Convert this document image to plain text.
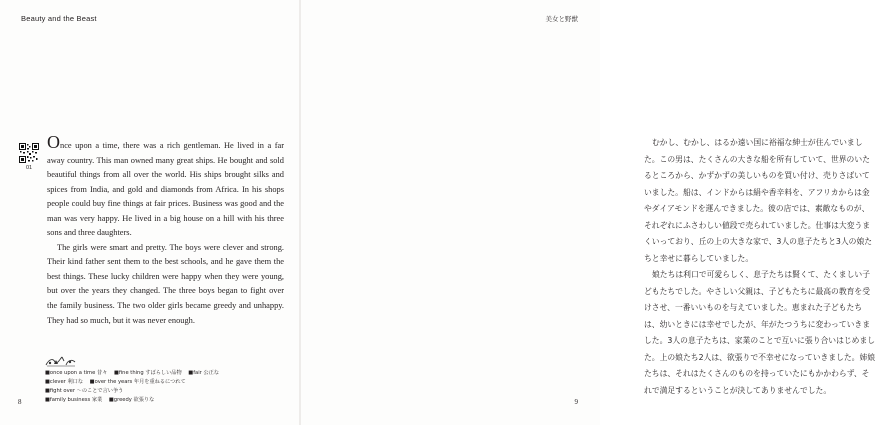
Beauty and the Beast
01

Once upon a time, there was a rich gentleman. He lived in a far away country. This man owned many great ships. He bought and sold beautiful things from all over the world. His ships brought silks and spices from India, and gold and diamonds from Africa. In his shops people could buy fine things at fair prices. Business was good and the man was very happy. He lived in a big house on a hill with his three sons and three daughters.

The girls were smart and pretty. The boys were clever and strong. Their kind father sent them to the best schools, and he gave them the best things. These lucky children were happy when they were young, but over the years they changed. The three boys began to fight over the family business. The two older girls became greedy and unhappy. They had so much, but it was never enough.

■once upon a time 昔々 ■fine thing すばらしい品物 ■fair 公正な
■clever 利口な ■over the years 年月を重ねるにつれて ■fight over ～のことで言い争う
■family business 家業 ■greedy 欲張りな
8
美女と野獣

むかし、むかし、はるか遠い国に裕福な紳士が住んでいました。この男は、たくさんの大きな船を所有していて、世界のいたるところから、かずかずの美しいものを買い付け、売りさばいていました。船は、インドからは絹や香辛料を、アフリカからは金やダイアモンドを運んできました。彼の店では、素敵なものが、それぞれにふさわしい値段で売られていました。仕事は大変うまくいっており、丘の上の大きな家で、3人の息子たちと3人の娘たちと幸せに暮らしていました。

娘たちは利口で可愛らしく、息子たちは賢くて、たくましい子どもたちでした。やさしい父親は、子どもたちに最高の教育を受けさせ、一番いいものを与えていました。恵まれた子どもたちは、幼いときには幸せでしたが、年がたつうちに変わっていきました。3人の息子たちは、家業のことで互いに張り合いはじめました。上の娘たち2人は、欲張りで不幸せになっていきました。姉娘たちは、それはたくさんのものを持っていたにもかかわらず、それで満足するということが決してありませんでした。

9
